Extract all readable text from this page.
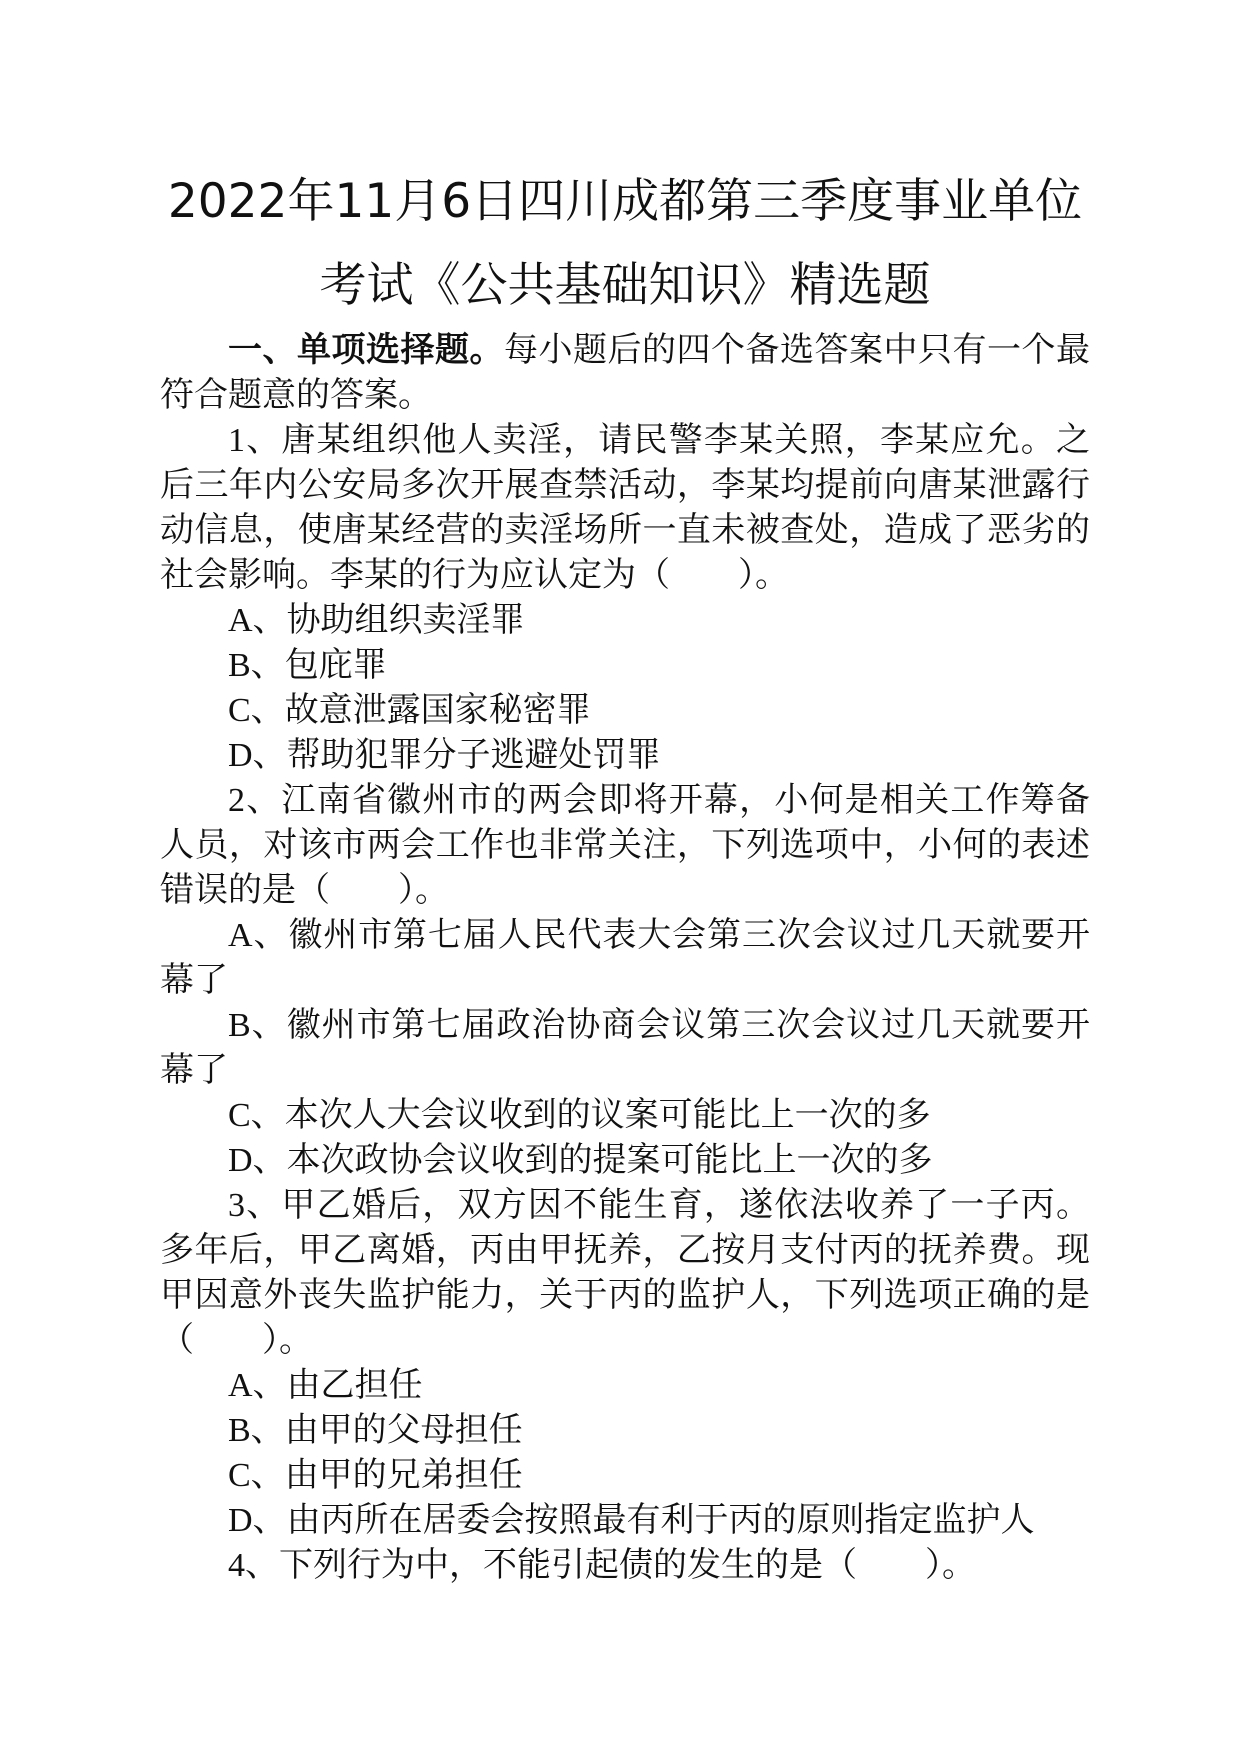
2022年11月6日四川成都第三季度事业单位
考试《公共基础知识》精选题

一、单项选择题。每小题后的四个备选答案中只有一个最符合题意的答案。

1、唐某组织他人卖淫，请民警李某关照，李某应允。之后三年内公安局多次开展查禁活动，李某均提前向唐某泄露行动信息，使唐某经营的卖淫场所一直未被查处，造成了恶劣的社会影响。李某的行为应认定为（　　）。

A、协助组织卖淫罪

B、包庇罪

C、故意泄露国家秘密罪

D、帮助犯罪分子逃避处罚罪

2、江南省徽州市的两会即将开幕，小何是相关工作筹备人员，对该市两会工作也非常关注，下列选项中，小何的表述错误的是（　　）。

A、徽州市第七届人民代表大会第三次会议过几天就要开幕了

B、徽州市第七届政治协商会议第三次会议过几天就要开幕了

C、本次人大会议收到的议案可能比上一次的多

D、本次政协会议收到的提案可能比上一次的多

3、甲乙婚后，双方因不能生育，遂依法收养了一子丙。多年后，甲乙离婚，丙由甲抚养，乙按月支付丙的抚养费。现甲因意外丧失监护能力，关于丙的监护人，下列选项正确的是（　　）。

A、由乙担任

B、由甲的父母担任

C、由甲的兄弟担任

D、由丙所在居委会按照最有利于丙的原则指定监护人

4、下列行为中，不能引起债的发生的是（　　）。
